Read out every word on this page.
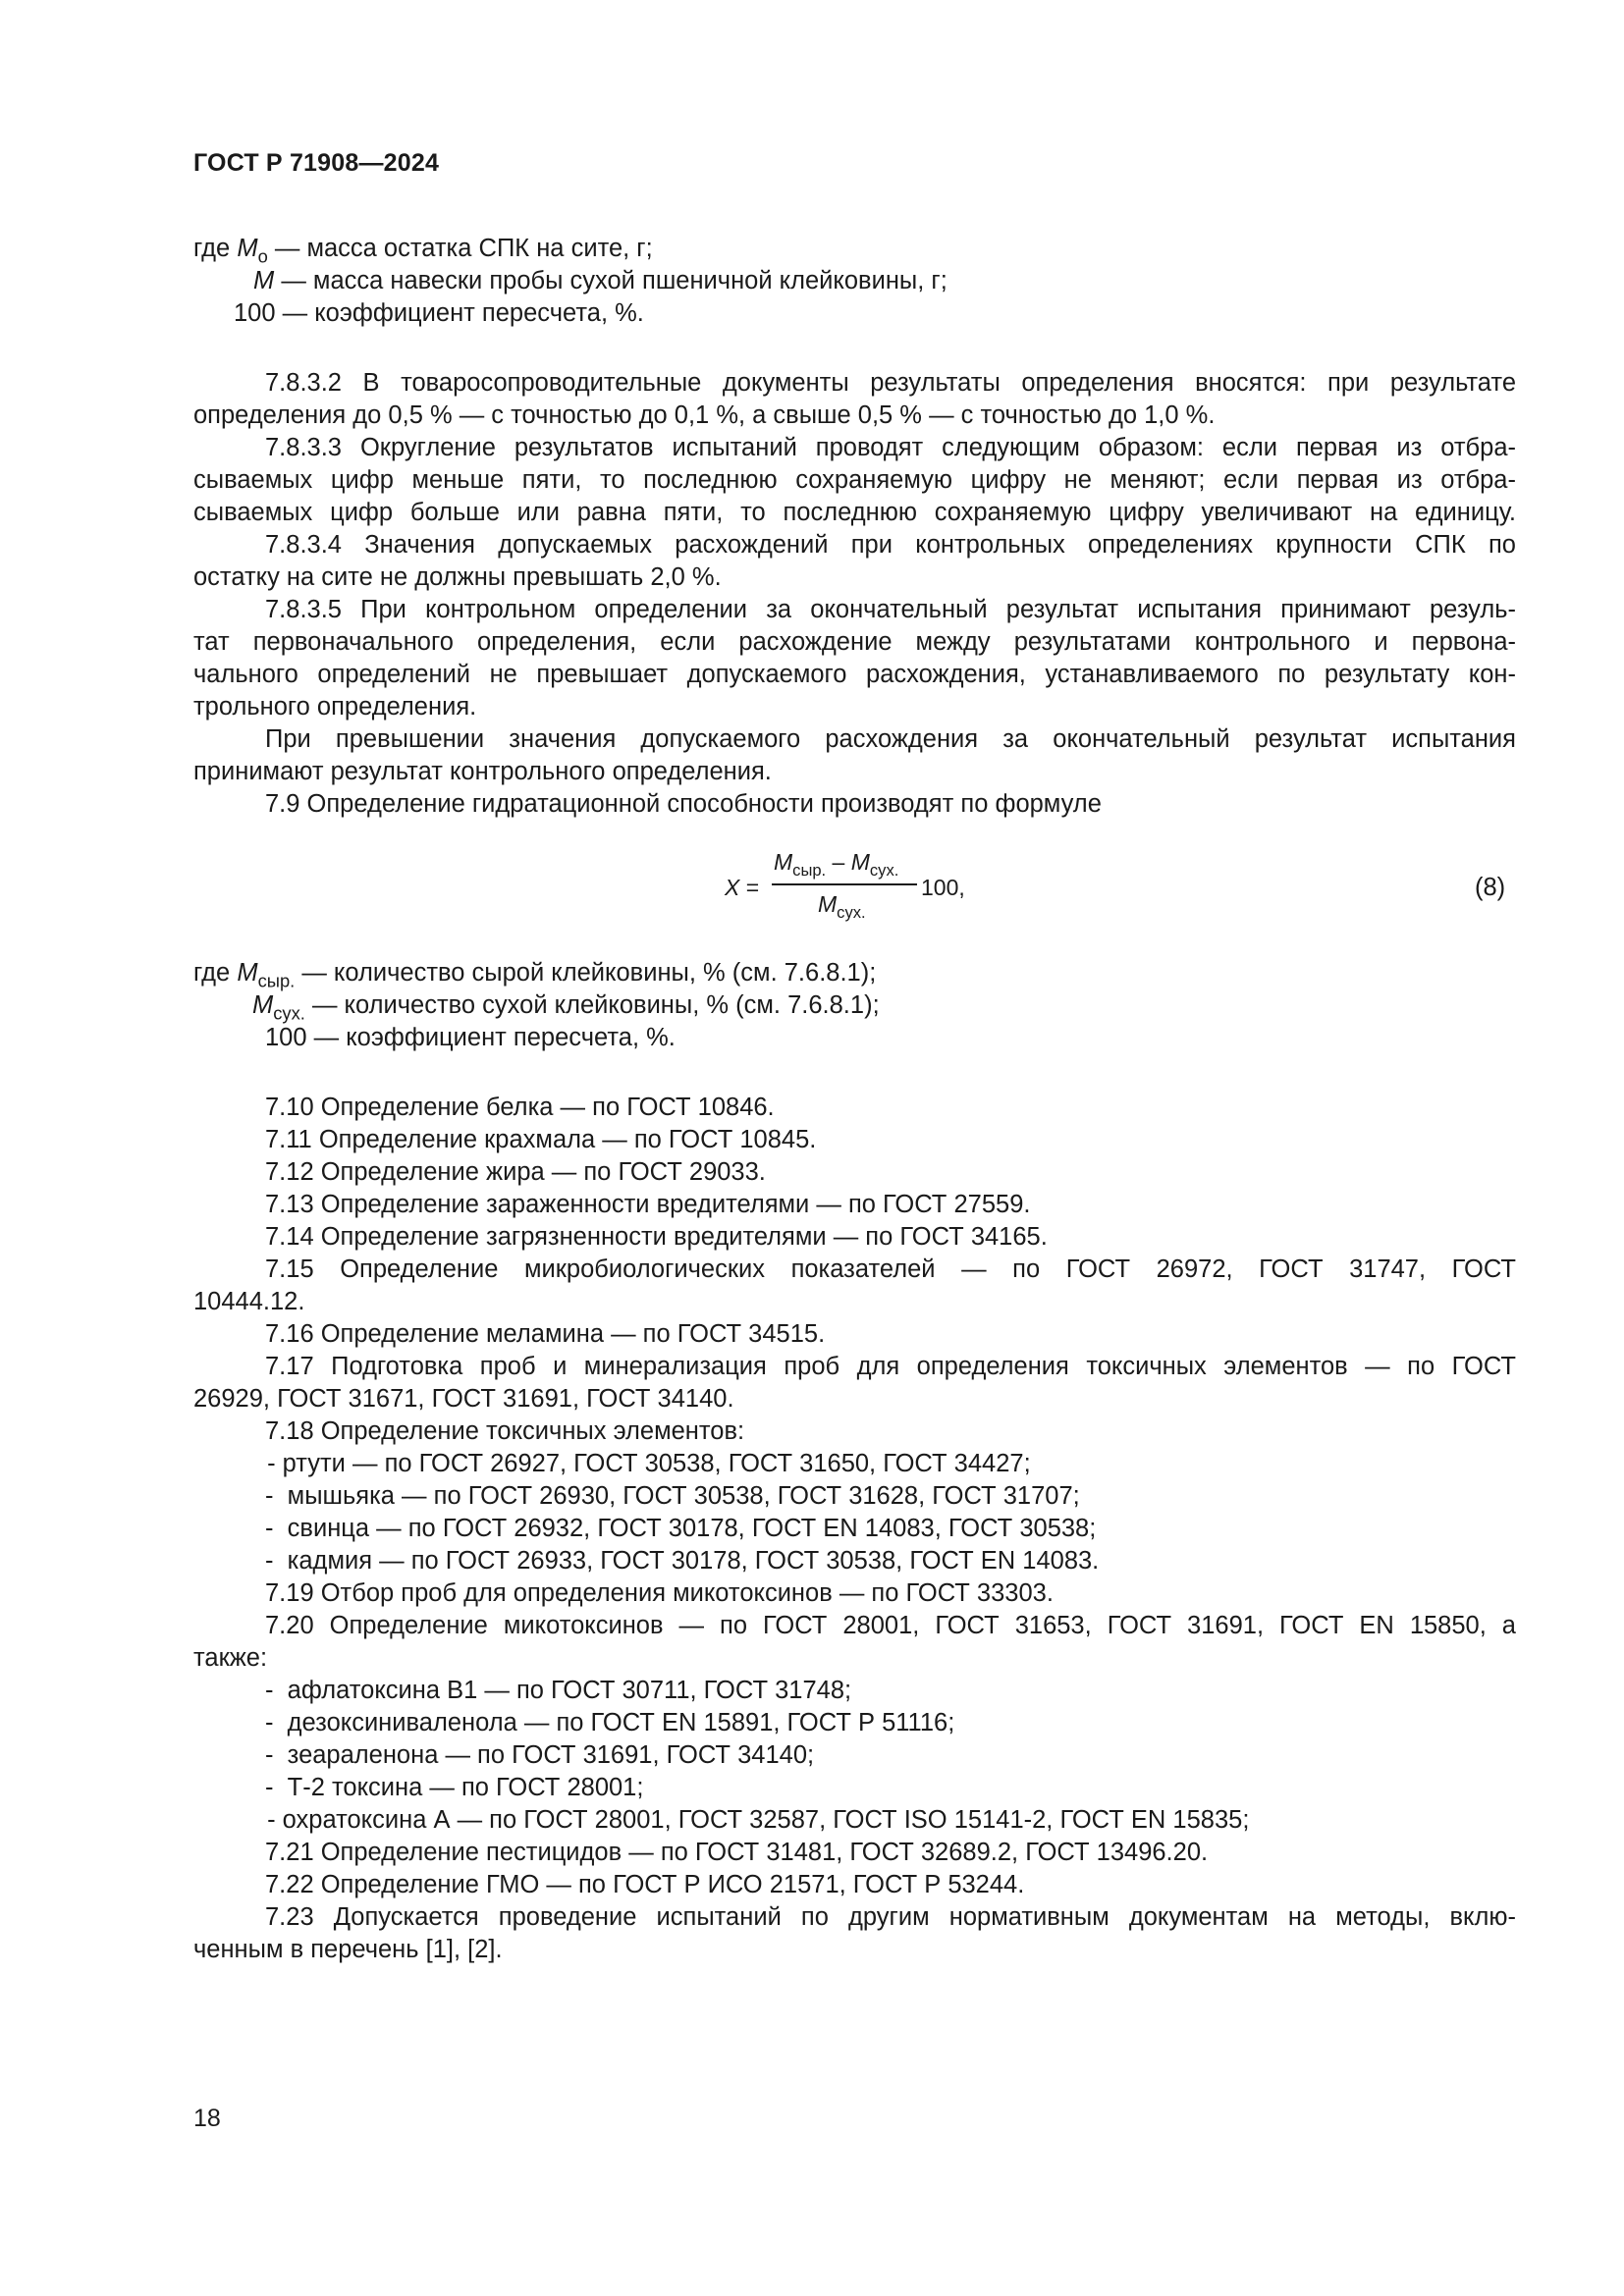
ГОСТ Р 71908—2024
где $M_о$ — масса остатка СПК на сите, г;
M — масса навески пробы сухой пшеничной клейковины, г;
100 — коэффициент пересчета, %.
7.8.3.2 В товаросопроводительные документы результаты определения вносятся: при результате
определения до 0,5 % — с точностью до 0,1 %, а свыше 0,5 % — с точностью до 1,0 %.
7.8.3.3 Округление результатов испытаний проводят следующим образом: если первая из отбра-
сываемых цифр меньше пяти, то последнюю сохраняемую цифру не меняют; если первая из отбра-
сываемых цифр больше или равна пяти, то последнюю сохраняемую цифру увеличивают на единицу.
7.8.3.4 Значения допускаемых расхождений при контрольных определениях крупности СПК по
остатку на сите не должны превышать 2,0 %.
7.8.3.5 При контрольном определении за окончательный результат испытания принимают резуль-
тат первоначального определения, если расхождение между результатами контрольного и первона-
чального определений не превышает допускаемого расхождения, устанавливаемого по результату кон-
трольного определения.
При превышении значения допускаемого расхождения за окончательный результат испытания
принимают результат контрольного определения.
7.9 Определение гидратационной способности производят по формуле
где $M_{сыр.}$ — количество сырой клейковины, % (см. 7.6.8.1);
$M_{сух.}$ — количество сухой клейковины, % (см. 7.6.8.1);
100 — коэффициент пересчета, %.
7.10 Определение белка — по ГОСТ 10846.
7.11 Определение крахмала — по ГОСТ 10845.
7.12 Определение жира — по ГОСТ 29033.
7.13 Определение зараженности вредителями — по ГОСТ 27559.
7.14 Определение загрязненности вредителями — по ГОСТ 34165.
7.15 Определение микробиологических показателей — по ГОСТ 26972, ГОСТ 31747, ГОСТ
10444.12.
7.16 Определение меламина — по ГОСТ 34515.
7.17 Подготовка проб и минерализация проб для определения токсичных элементов — по ГОСТ
26929, ГОСТ 31671, ГОСТ 31691, ГОСТ 34140.
7.18 Определение токсичных элементов:
- ртути — по ГОСТ 26927, ГОСТ 30538, ГОСТ 31650, ГОСТ 34427;
-  мышьяка — по ГОСТ 26930, ГОСТ 30538, ГОСТ 31628, ГОСТ 31707;
-  свинца — по ГОСТ 26932, ГОСТ 30178, ГОСТ EN 14083, ГОСТ 30538;
-  кадмия — по ГОСТ 26933, ГОСТ 30178, ГОСТ 30538, ГОСТ EN 14083.
7.19 Отбор проб для определения микотоксинов — по ГОСТ 33303.
7.20 Определение микотоксинов — по ГОСТ 28001, ГОСТ 31653, ГОСТ 31691, ГОСТ EN 15850, а
также:
-  афлатоксина В1 — по ГОСТ 30711, ГОСТ 31748;
-  дезоксиниваленола — по ГОСТ EN 15891, ГОСТ Р 51116;
-  зеараленона — по ГОСТ 31691, ГОСТ 34140;
-  Т-2 токсина — по ГОСТ 28001;
- охратоксина А — по ГОСТ 28001, ГОСТ 32587, ГОСТ ISO 15141-2, ГОСТ EN 15835;
7.21 Определение пестицидов — по ГОСТ 31481, ГОСТ 32689.2, ГОСТ 13496.20.
7.22 Определение ГМО — по ГОСТ Р ИСО 21571, ГОСТ Р 53244.
7.23 Допускается проведение испытаний по другим нормативным документам на методы, вклю-
ченным в перечень [1], [2].
X =
$M_{сыр.} - M_{сух.}$
$M_{сух.}$
100,	(8)
18
